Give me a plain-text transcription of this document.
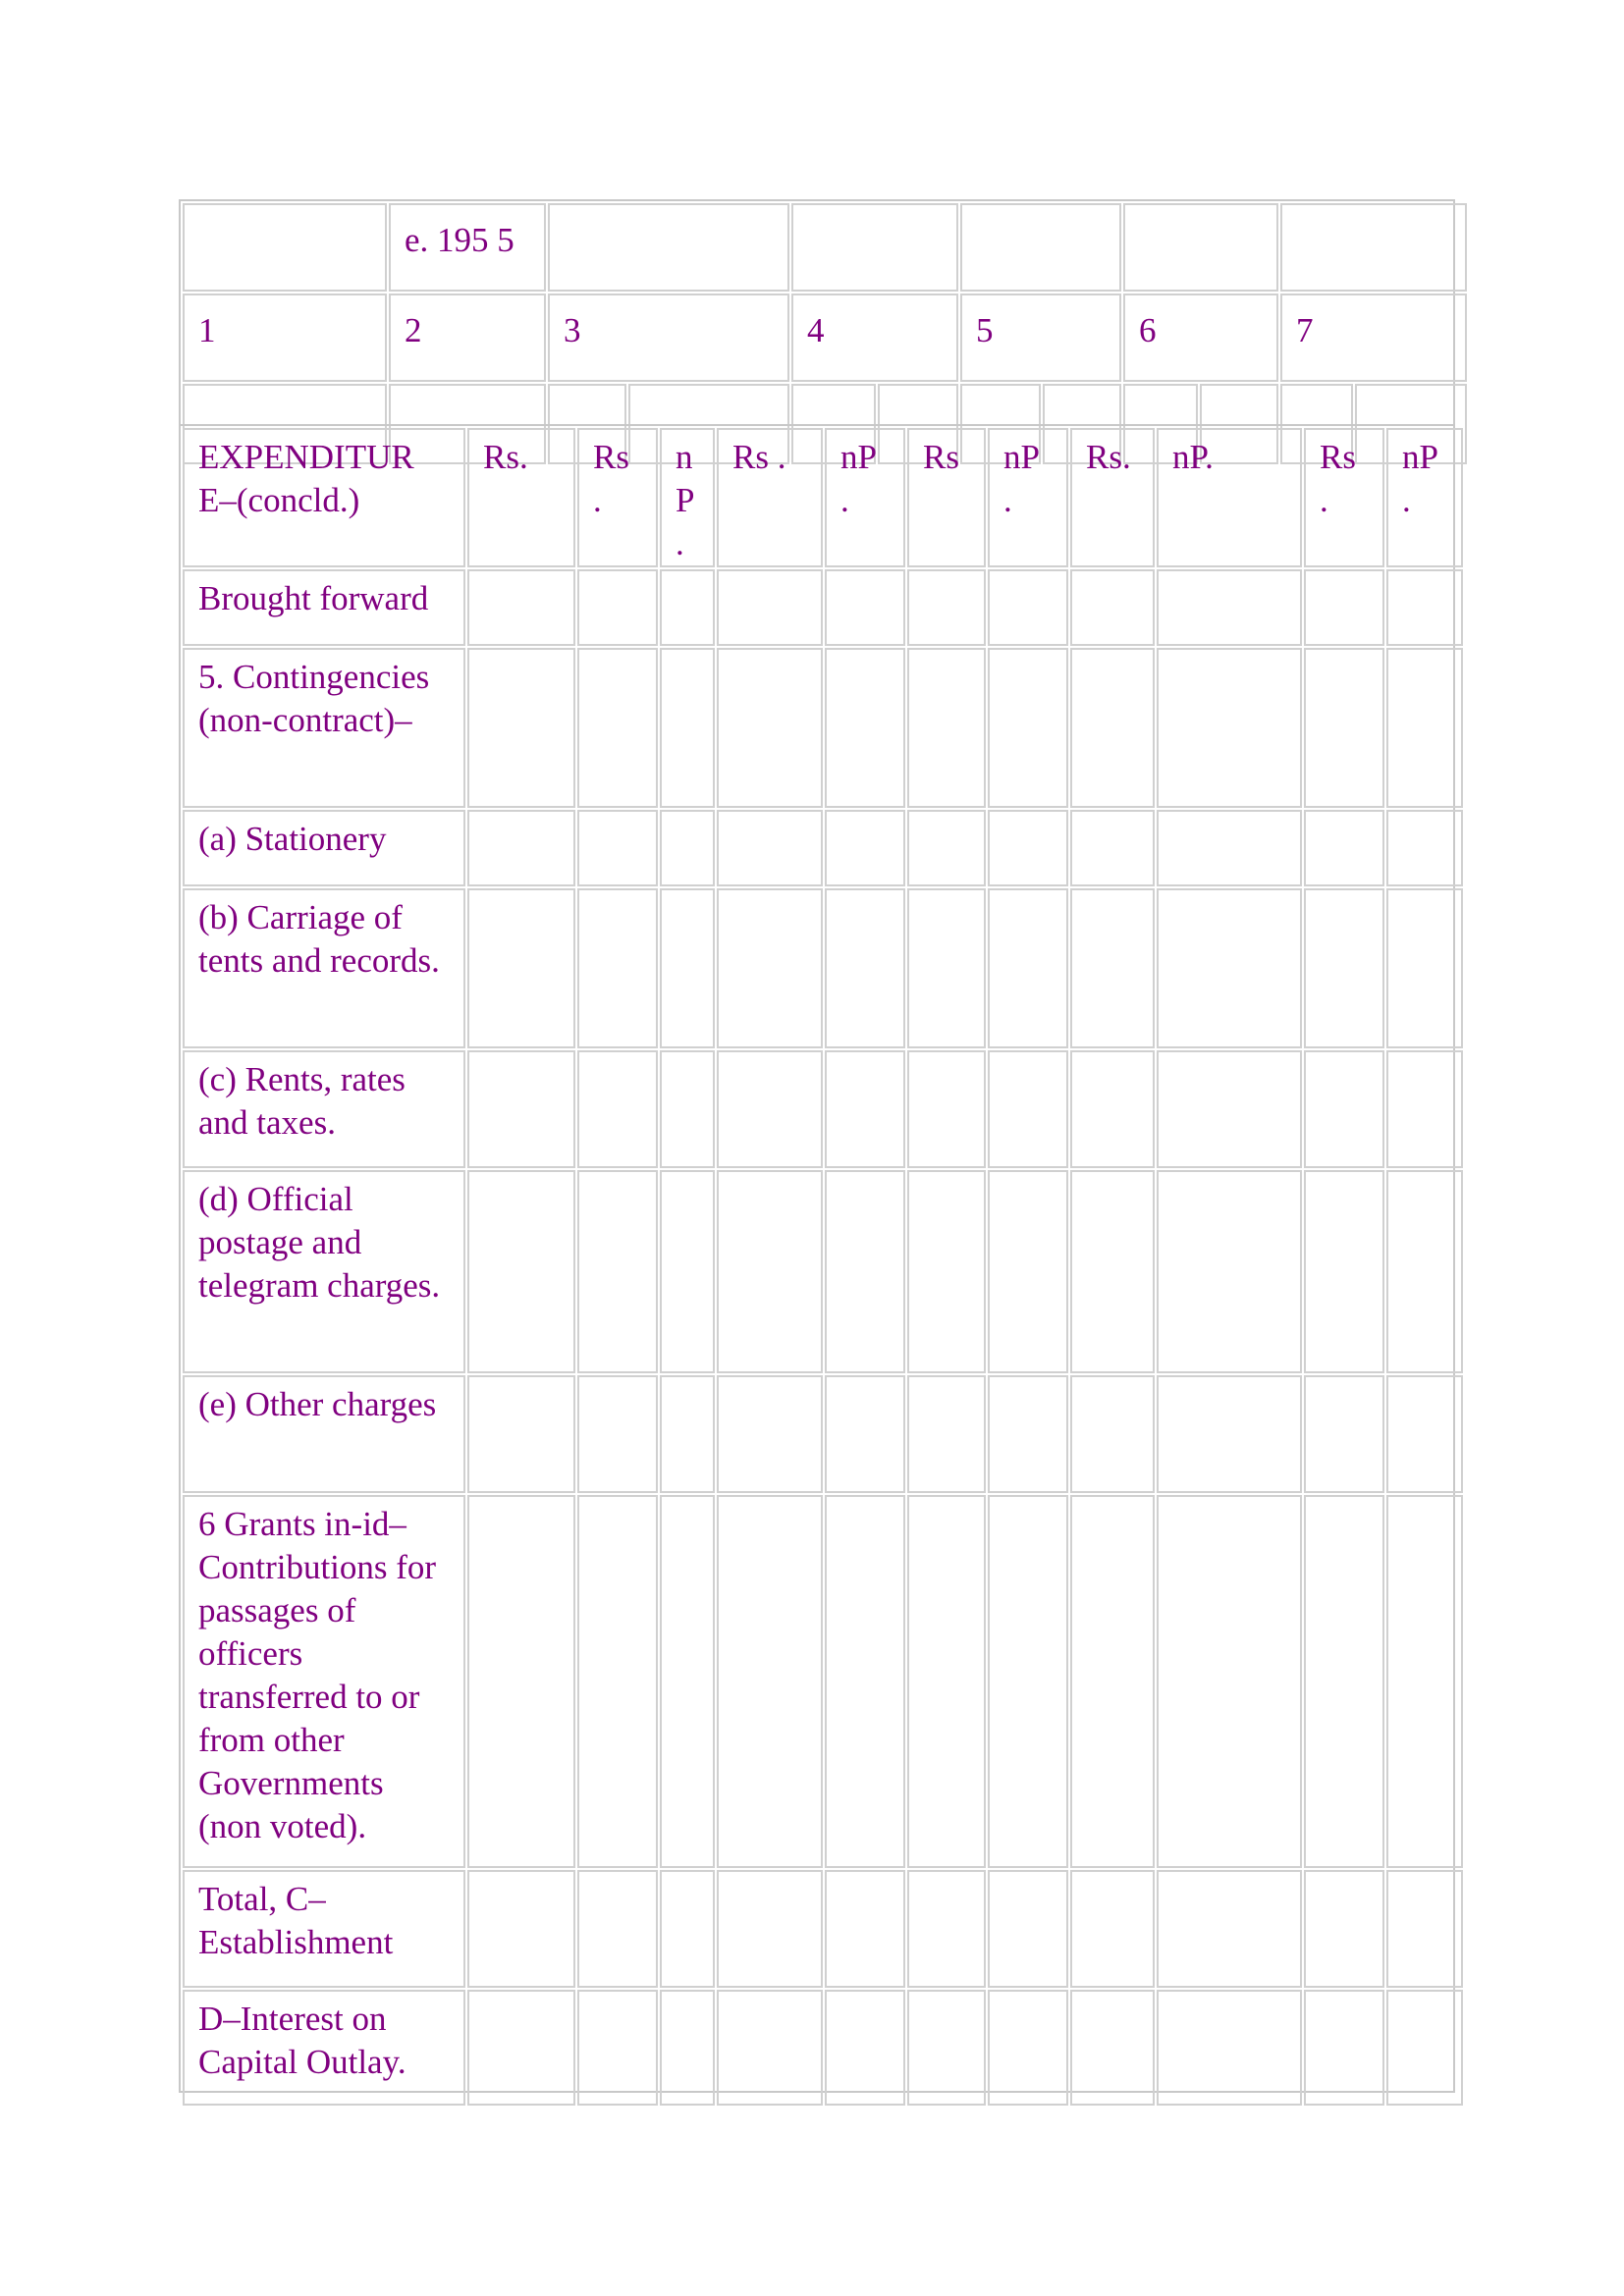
	e. 195 5										
1	2	3		4		5		6		7	

EXPENDITUR E–(concld.)	Rs.	Rs .	nP .	Rs .	nP .	Rs	nP .	Rs.	nP.	Rs .	nP .
Brought forward											
5. Contingencies (non-contract)–											
(a) Stationery											
(b) Carriage of tents and records.											
(c) Rents, rates and taxes.											
(d) Official postage and telegram charges.											
(e) Other charges											
6 Grants in-id– Contributions for passages of officers transferred to or from other Governments (non voted).											
Total, C– Establishment											
D–Interest on Capital Outlay.											
